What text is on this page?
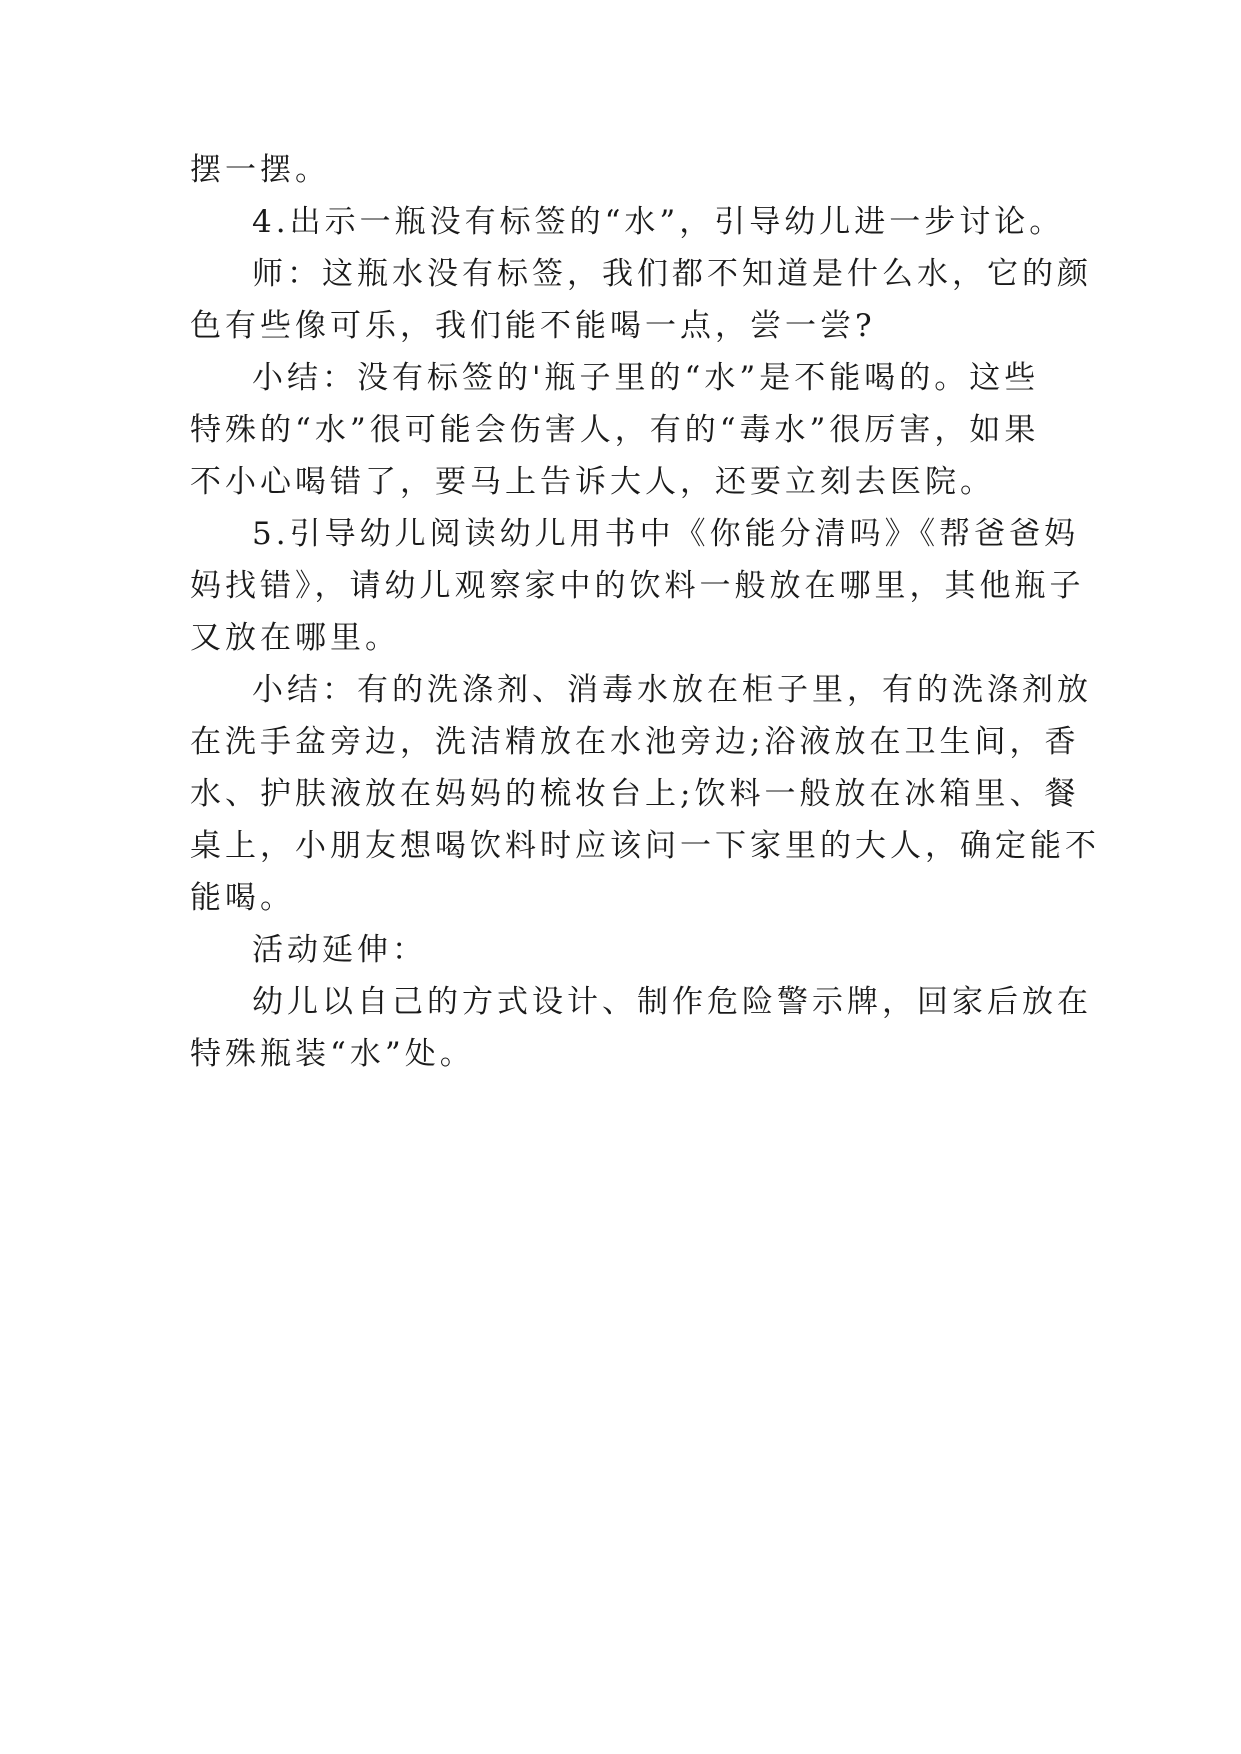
摆一摆。
4.出示一瓶没有标签的“水”，引导幼儿进一步讨论。
师：这瓶水没有标签，我们都不知道是什么水，它的颜
色有些像可乐，我们能不能喝一点，尝一尝?
小结：没有标签的'瓶子里的“水”是不能喝的。这些
特殊的“水”很可能会伤害人，有的“毒水”很厉害，如果
不小心喝错了，要马上告诉大人，还要立刻去医院。
5.引导幼儿阅读幼儿用书中《你能分清吗》《帮爸爸妈
妈找错》，请幼儿观察家中的饮料一般放在哪里，其他瓶子
又放在哪里。
小结：有的洗涤剂、消毒水放在柜子里，有的洗涤剂放
在洗手盆旁边，洗洁精放在水池旁边;浴液放在卫生间，香
水、护肤液放在妈妈的梳妆台上;饮料一般放在冰箱里、餐
桌上，小朋友想喝饮料时应该问一下家里的大人，确定能不
能喝。
活动延伸：
幼儿以自己的方式设计、制作危险警示牌，回家后放在
特殊瓶装“水”处。
